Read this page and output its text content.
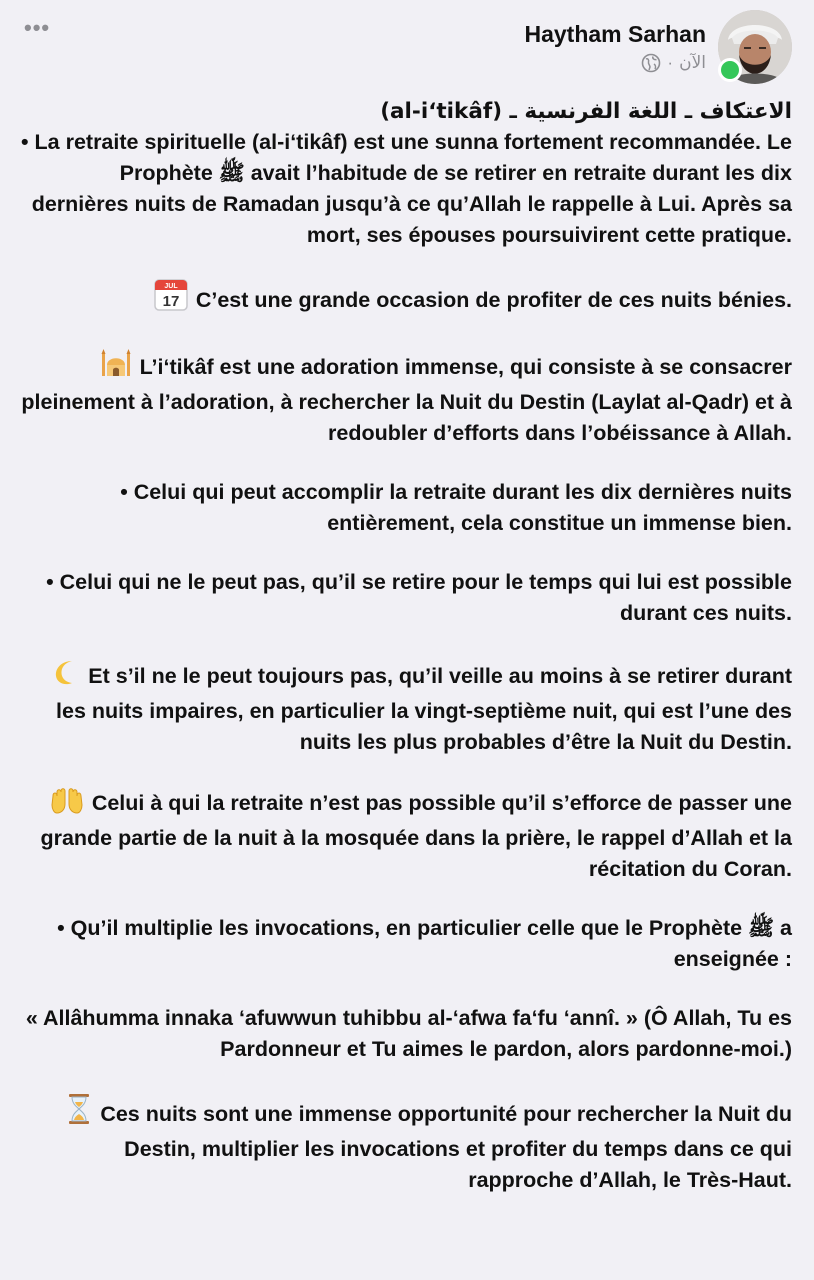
•••	Haytham Sarhan
· الآن

الاعتكاف ـ اللغة الفرنسية ـ (al-i‘tikâf)

• La retraite spirituelle (al-i‘tikâf) est une sunna fortement recommandée. Le Prophète ﷺ avait l’habitude de se retirer en retraite durant les dix dernières nuits de Ramadan jusqu’à ce qu’Allah le rappelle à Lui. Après sa mort, ses épouses poursuivirent cette pratique.

JUL
17 C’est une grande occasion de profiter de ces nuits bénies.

L’i‘tikâf est une adoration immense, qui consiste à se consacrer pleinement à l’adoration, à rechercher la Nuit du Destin (Laylat al-Qadr) et à redoubler d’efforts dans l’obéissance à Allah.

• Celui qui peut accomplir la retraite durant les dix dernières nuits entièrement, cela constitue un immense bien.

• Celui qui ne le peut pas, qu’il se retire pour le temps qui lui est possible durant ces nuits.

Et s’il ne le peut toujours pas, qu’il veille au moins à se retirer durant les nuits impaires, en particulier la vingt-septième nuit, qui est l’une des nuits les plus probables d’être la Nuit du Destin.

Celui à qui la retraite n’est pas possible qu’il s’efforce de passer une grande partie de la nuit à la mosquée dans la prière, le rappel d’Allah et la récitation du Coran.

• Qu’il multiplie les invocations, en particulier celle que le Prophète ﷺ a enseignée :

« Allâhumma innaka ‘afuwwun tuhibbu al-‘afwa fa‘fu ‘annî. » (Ô Allah, Tu es Pardonneur et Tu aimes le pardon, alors pardonne-moi.)

Ces nuits sont une immense opportunité pour rechercher la Nuit du Destin, multiplier les invocations et profiter du temps dans ce qui rapproche d’Allah, le Très-Haut.
